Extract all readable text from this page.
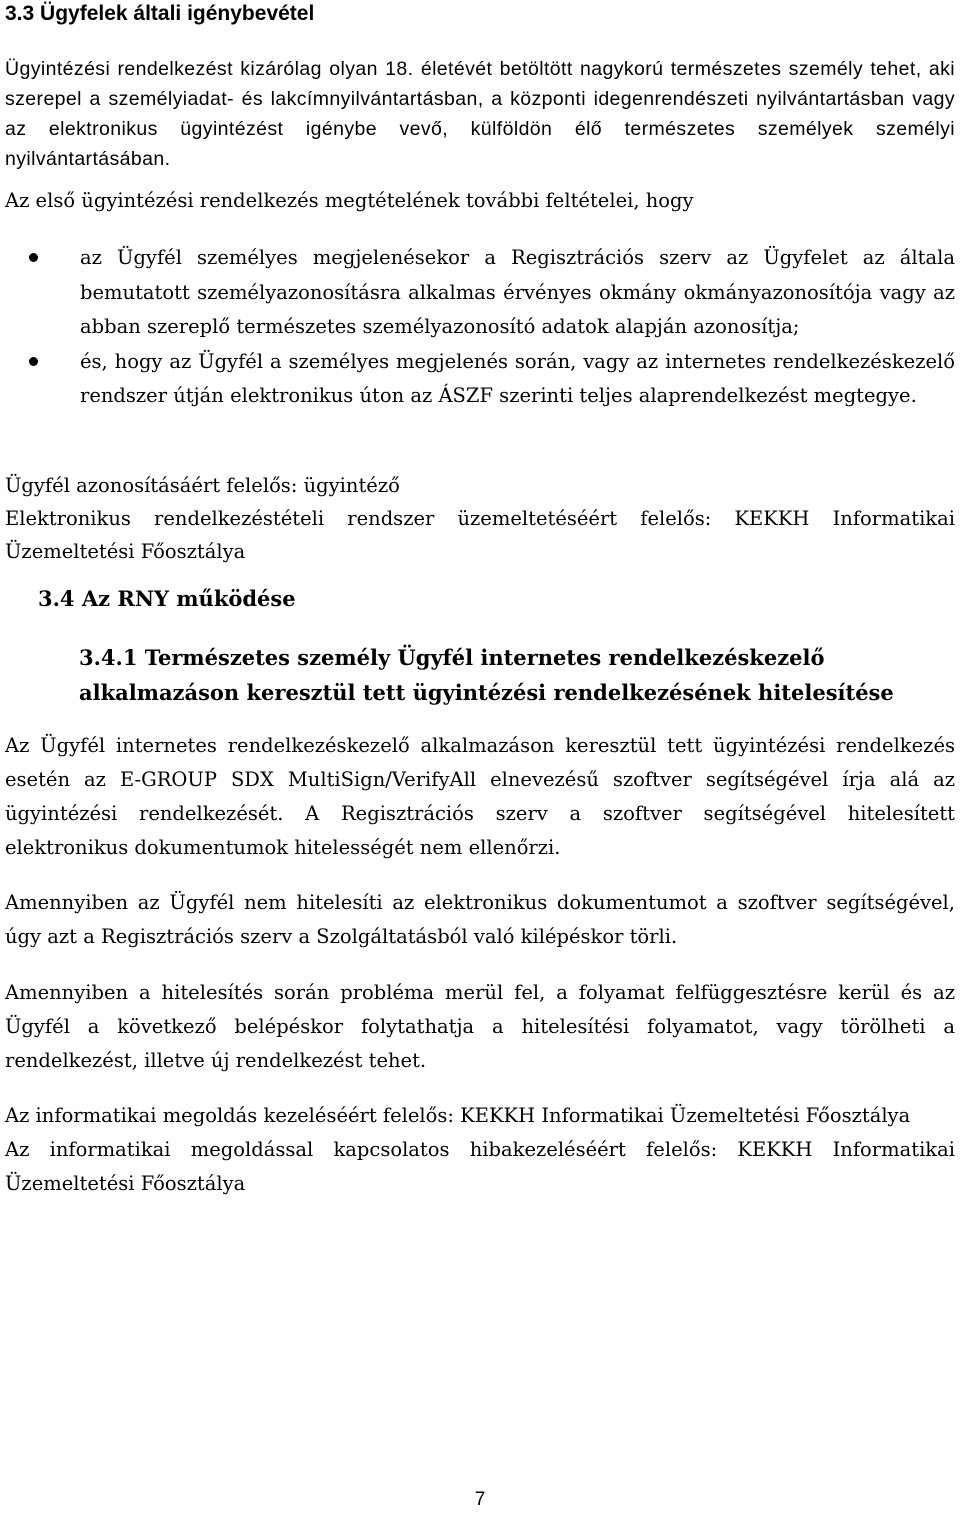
3.3 Ügyfelek általi igénybevétel

Ügyintézési rendelkezést kizárólag olyan 18. életévét betöltött nagykorú természetes személy tehet, aki szerepel a személyiadat- és lakcímnyilvántartásban, a központi idegenrendészeti nyilvántartásban vagy az elektronikus ügyintézést igénybe vevő, külföldön élő természetes személyek személyi nyilvántartásában.

Az első ügyintézési rendelkezés megtételének további feltételei, hogy

az Ügyfél személyes megjelenésekor a Regisztrációs szerv az Ügyfelet az általa bemutatott személyazonosításra alkalmas érvényes okmány okmányazonosítója vagy az abban szereplő természetes személyazonosító adatok alapján azonosítja;
és, hogy az Ügyfél a személyes megjelenés során, vagy az internetes rendelkezéskezelő rendszer útján elektronikus úton az ÁSZF szerinti teljes alaprendelkezést megtegye.

Ügyfél azonosításáért felelős: ügyintéző

Elektronikus rendelkezéstételi rendszer üzemeltetéséért felelős: KEKKH Informatikai Üzemeltetési Főosztálya

3.4 Az RNY működése
3.4.1 Természetes személy Ügyfél internetes rendelkezéskezelő alkalmazáson keresztül tett ügyintézési rendelkezésének hitelesítése

Az Ügyfél internetes rendelkezéskezelő alkalmazáson keresztül tett ügyintézési rendelkezés esetén az E-GROUP SDX MultiSign/VerifyAll elnevezésű szoftver segítségével írja alá az ügyintézési rendelkezését. A Regisztrációs szerv a szoftver segítségével hitelesített elektronikus dokumentumok hitelességét nem ellenőrzi.

Amennyiben az Ügyfél nem hitelesíti az elektronikus dokumentumot a szoftver segítségével, úgy azt a Regisztrációs szerv a Szolgáltatásból való kilépéskor törli.

Amennyiben a hitelesítés során probléma merül fel, a folyamat felfüggesztésre kerül és az Ügyfél a következő belépéskor folytathatja a hitelesítési folyamatot, vagy törölheti a rendelkezést, illetve új rendelkezést tehet.

Az informatikai megoldás kezeléséért felelős: KEKKH Informatikai Üzemeltetési Főosztálya

Az informatikai megoldással kapcsolatos hibakezeléséért felelős: KEKKH Informatikai Üzemeltetési Főosztálya

7
